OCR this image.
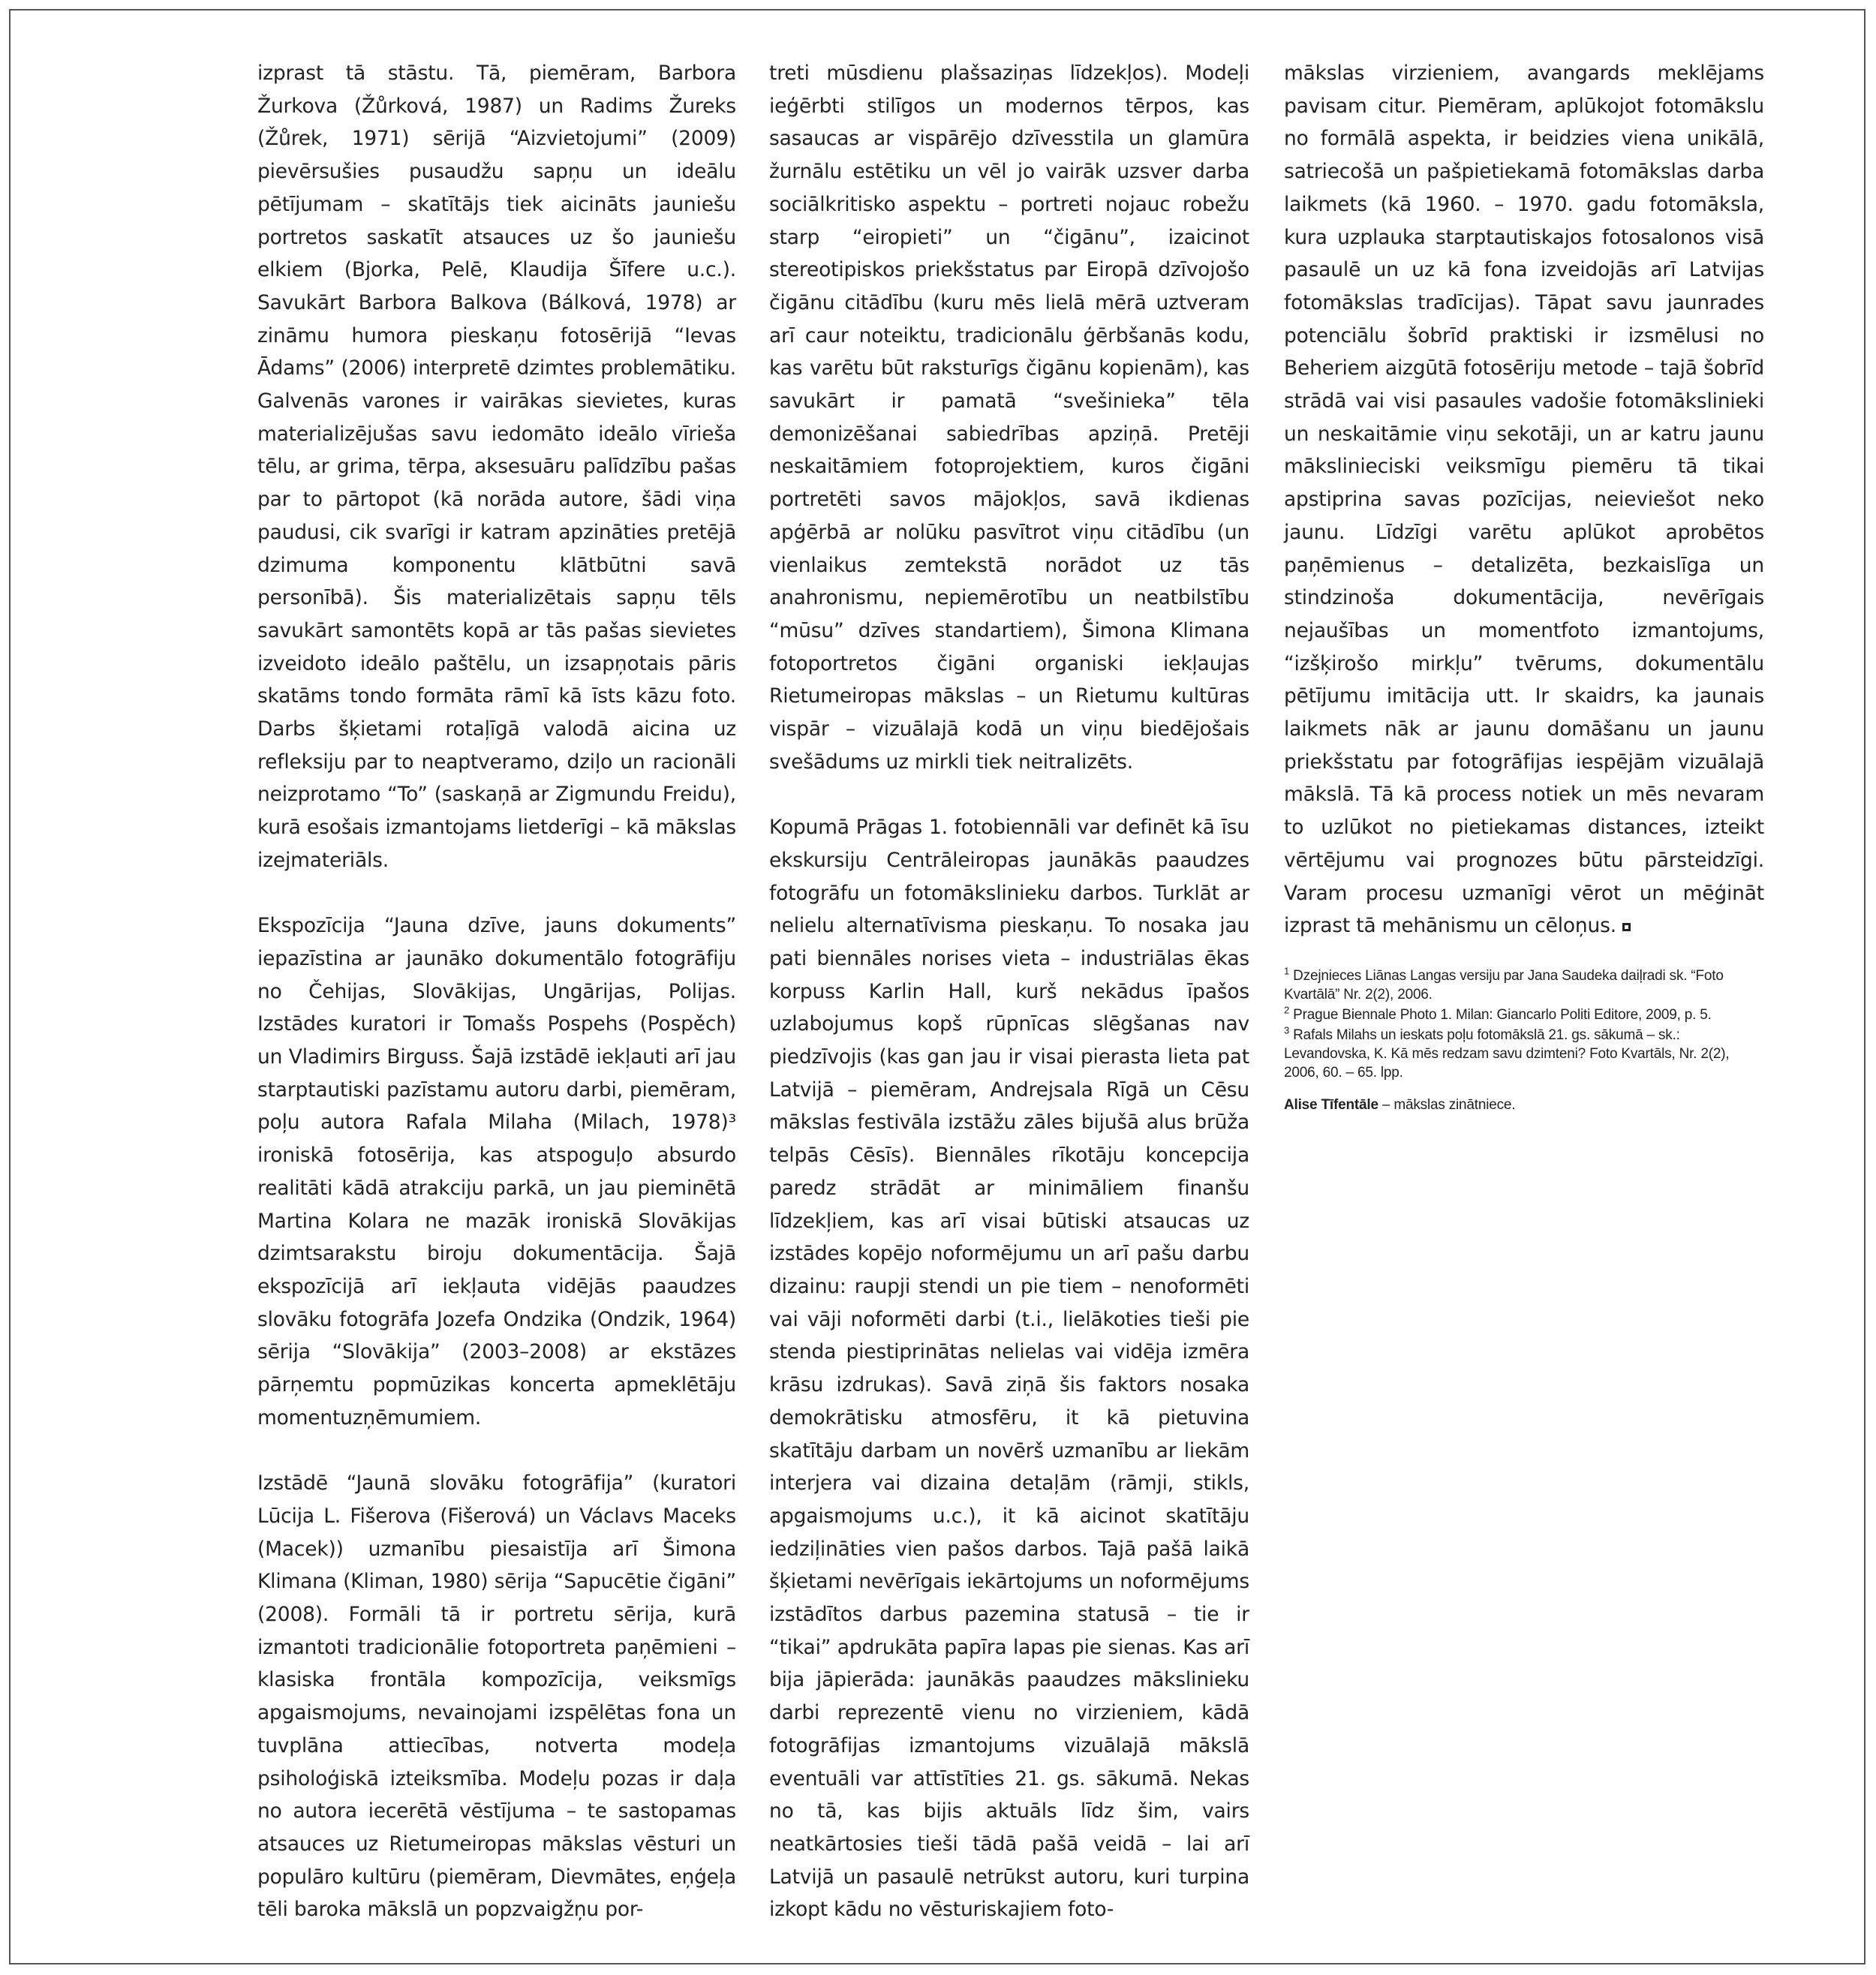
izprast tā stāstu. Tā, piemēram, Barbora Žurkova (Žůrková, 1987) un Radims Žureks (Žůrek, 1971) sērijā “Aizvietojumi” (2009) pievērsušies pusaudžu sapņu un ideālu pētījumam – skatītājs tiek aicināts jauniešu portretos saskatīt atsauces uz šo jauniešu elkiem (Bjorka, Pelē, Klaudija Šīfere u.c.). Savukārt Barbora Balkova (Bálková, 1978) ar zināmu humora pieskaņu fotosērijā “Ievas Ādams” (2006) interpretē dzimtes problemātiku. Galvenās varones ir vairākas sievietes, kuras materializējušas savu iedomāto ideālo vīrieša tēlu, ar grima, tērpa, aksesuāru palīdzību pašas par to pārtopot (kā norāda autore, šādi viņa paudusi, cik svarīgi ir katram apzināties pretējā dzimuma komponentu klātbūtni savā personībā). Šis materializētais sapņu tēls savukārt samontēts kopā ar tās pašas sievietes izveidoto ideālo paštēlu, un izsapņotais pāris skatāms tondo formāta rāmī kā īsts kāzu foto. Darbs šķietami rotaļīgā valodā aicina uz refleksiju par to neaptveramo, dziļo un racionāli neizprotamo “To” (saskaņā ar Zigmundu Freidu), kurā esošais izmantojams lietderīgi – kā mākslas izejmateriāls.

Ekspozīcija “Jauna dzīve, jauns dokuments” iepazīstina ar jaunāko dokumentālo fotogrāfiju no Čehijas, Slovākijas, Ungārijas, Polijas. Izstādes kuratori ir Tomašs Pospehs (Pospěch) un Vladimirs Birguss. Šajā izstādē iekļauti arī jau starptautiski pazīstamu autoru darbi, piemēram, poļu autora Rafala Milaha (Milach, 1978)³ ironiskā fotosērija, kas atspoguļo absurdo realitāti kādā atrakciju parkā, un jau pieminētā Martina Kolara ne mazāk ironiskā Slovākijas dzimtsarakstu biroju dokumentācija. Šajā ekspozīcijā arī iekļauta vidējās paaudzes slovāku fotogrāfa Jozefa Ondzika (Ondzik, 1964) sērija “Slovākija” (2003–2008) ar ekstāzes pārņemtu popmūzikas koncerta apmeklētāju momentuzņēmumiem.

Izstādē “Jaunā slovāku fotogrāfija” (kuratori Lūcija L. Fišerova (Fišerová) un Václavs Maceks (Macek)) uzmanību piesaistīja arī Šimona Klimana (Kliman, 1980) sērija “Sapucētie čigāni” (2008). Formāli tā ir portretu sērija, kurā izmantoti tradicionālie fotoportreta paņēmieni – klasiska frontāla kompozīcija, veiksmīgs apgaismojums, nevainojami izspēlētas fona un tuvplāna attiecības, notverta modeļa psiholoģiskā izteiksmība. Modeļu pozas ir daļa no autora iecerētā vēstījuma – te sastopamas atsauces uz Rietumeiropas mākslas vēsturi un populāro kultūru (piemēram, Dievmātes, eņģeļa tēli baroka mākslā un popzvaigžņu por-

treti mūsdienu plašsaziņas līdzekļos). Modeļi ieģērbti stilīgos un modernos tērpos, kas sasaucas ar vispārējo dzīvesstila un glamūra žurnālu estētiku un vēl jo vairāk uzsver darba sociālkritisko aspektu – portreti nojauc robežu starp “eiropieti” un “čigānu”, izaicinot stereotipiskos priekšstatus par Eiropā dzīvojošo čigānu citādību (kuru mēs lielā mērā uztveram arī caur noteiktu, tradicionālu ģērbšanās kodu, kas varētu būt raksturīgs čigānu kopienām), kas savukārt ir pamatā “svešinieka” tēla demonizēšanai sabiedrības apziņā. Pretēji neskaitāmiem fotoprojektiem, kuros čigāni portretēti savos mājokļos, savā ikdienas apģērbā ar nolūku pasvītrot viņu citādību (un vienlaikus zemtekstā norādot uz tās anahronismu, nepiemērotību un neatbilstību “mūsu” dzīves standartiem), Šimona Klimana fotoportretos čigāni organiski iekļaujas Rietumeiropas mākslas – un Rietumu kultūras vispār – vizuālajā kodā un viņu biedējošais svešādums uz mirkli tiek neitralizēts.

Kopumā Prāgas 1. fotobiennāli var definēt kā īsu ekskursiju Centrāleiropas jaunākās paaudzes fotogrāfu un fotomākslinieku darbos. Turklāt ar nelielu alternatīvisma pieskaņu. To nosaka jau pati biennāles norises vieta – industriālas ēkas korpuss Karlin Hall, kurš nekādus īpašos uzlabojumus kopš rūpnīcas slēgšanas nav piedzīvojis (kas gan jau ir visai pierasta lieta pat Latvijā – piemēram, Andrejsala Rīgā un Cēsu mākslas festivāla izstāžu zāles bijušā alus brūža telpās Cēsīs). Biennāles rīkotāju koncepcija paredz strādāt ar minimāliem finanšu līdzekļiem, kas arī visai būtiski atsaucas uz izstādes kopējo noformējumu un arī pašu darbu dizainu: raupji stendi un pie tiem – nenoformēti vai vāji noformēti darbi (t.i., lielākoties tieši pie stenda piestiprinātas nelielas vai vidēja izmēra krāsu izdrukas). Savā ziņā šis faktors nosaka demokrātisku atmosfēru, it kā pietuvina skatītāju darbam un novērš uzmanību ar liekām interjera vai dizaina detaļām (rāmji, stikls, apgaismojums u.c.), it kā aicinot skatītāju iedziļināties vien pašos darbos. Tajā pašā laikā šķietami nevērīgais iekārtojums un noformējums izstādītos darbus pazemina statusā – tie ir “tikai” apdrukāta papīra lapas pie sienas. Kas arī bija jāpierāda: jaunākās paaudzes mākslinieku darbi reprezentē vienu no virzieniem, kādā fotogrāfijas izmantojums vizuālajā mākslā eventuāli var attīstīties 21. gs. sākumā. Nekas no tā, kas bijis aktuāls līdz šim, vairs neatkārtosies tieši tādā pašā veidā – lai arī Latvijā un pasaulē netrūkst autoru, kuri turpina izkopt kādu no vēsturiskajiem foto-

mākslas virzieniem, avangards meklējams pavisam citur. Piemēram, aplūkojot fotomākslu no formālā aspekta, ir beidzies viena unikālā, satriecošā un pašpietiekamā fotomākslas darba laikmets (kā 1960. – 1970. gadu fotomāksla, kura uzplauka starptautiskajos fotosalonos visā pasaulē un uz kā fona izveidojās arī Latvijas fotomākslas tradīcijas). Tāpat savu jaunrades potenciālu šobrīd praktiski ir izsmēlusi no Beheriem aizgūtā fotosēriju metode – tajā šobrīd strādā vai visi pasaules vadošie fotomākslinieki un neskaitāmie viņu sekotāji, un ar katru jaunu mākslinieciski veiksmīgu piemēru tā tikai apstiprina savas pozīcijas, neieviešot neko jaunu. Līdzīgi varētu aplūkot aprobētos paņēmienus – detalizēta, bezkaislīga un stindzinoša dokumentācija, nevērīgais nejaušības un momentfoto izmantojums, “izšķirošo mirkļu” tvērums, dokumentālu pētījumu imitācija utt. Ir skaidrs, ka jaunais laikmets nāk ar jaunu domāšanu un jaunu priekšstatu par fotogrāfijas iespējām vizuālajā mākslā. Tā kā process notiek un mēs nevaram to uzlūkot no pietiekamas distances, izteikt vērtējumu vai prognozes būtu pārsteidzīgi. Varam procesu uzmanīgi vērot un mēģināt izprast tā mehānismu un cēloņus.

$^1$ Dzejnieces Liānas Langas versiju par Jana Saudeka daiļradi sk. “Foto Kvartālā” Nr. 2(2), 2006.
$^2$ Prague Biennale Photo 1. Milan: Giancarlo Politi Editore, 2009, p. 5.
$^3$ Rafals Milahs un ieskats poļu fotomākslā 21. gs. sākumā – sk.: Levandovska, K. Kā mēs redzam savu dzimteni? Foto Kvartāls, Nr. 2(2), 2006, 60. – 65. lpp.
Alise Tīfentāle – mākslas zinātniece.
